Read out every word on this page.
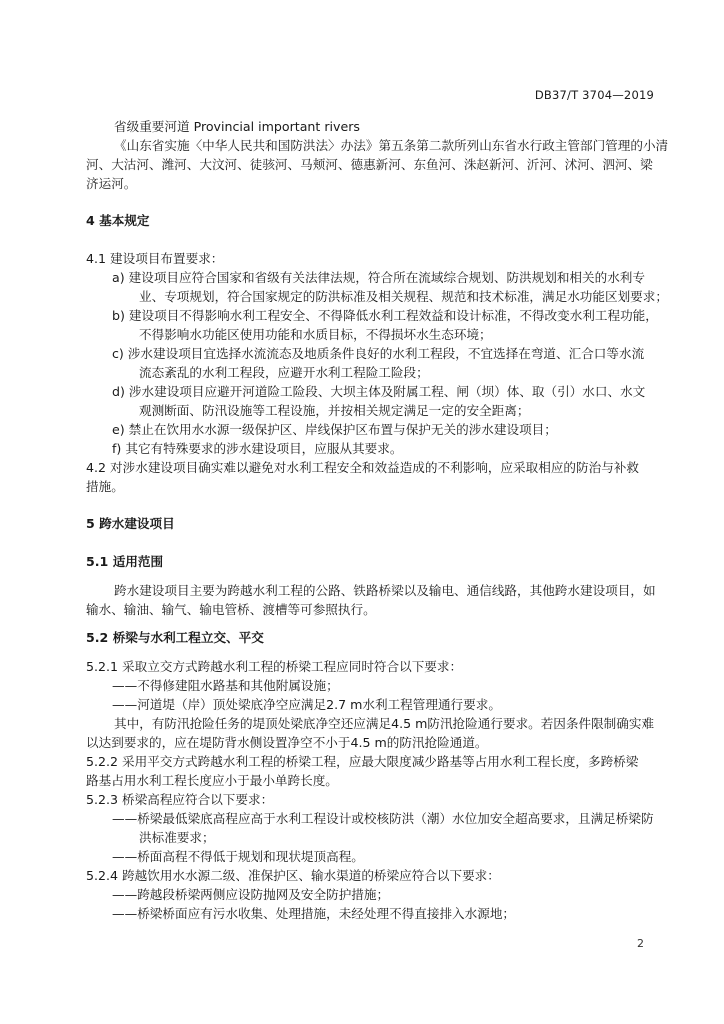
DB37/T 3704—2019
省级重要河道 Provincial important rivers
《山东省实施〈中华人民共和国防洪法〉办法》第五条第二款所列山东省水行政主管部门管理的小清
河、大沽河、潍河、大汶河、徒骇河、马颊河、德惠新河、东鱼河、洙赵新河、沂河、沭河、泗河、梁
济运河。
4 基本规定
4.1 建设项目布置要求：
a) 建设项目应符合国家和省级有关法律法规，符合所在流域综合规划、防洪规划和相关的水利专
业、专项规划，符合国家规定的防洪标准及相关规程、规范和技术标准，满足水功能区划要求；
b) 建设项目不得影响水利工程安全、不得降低水利工程效益和设计标准，不得改变水利工程功能，
不得影响水功能区使用功能和水质目标，不得损坏水生态环境；
c) 涉水建设项目宜选择水流流态及地质条件良好的水利工程段，不宜选择在弯道、汇合口等水流
流态紊乱的水利工程段，应避开水利工程险工险段；
d) 涉水建设项目应避开河道险工险段、大坝主体及附属工程、闸（坝）体、取（引）水口、水文
观测断面、防汛设施等工程设施，并按相关规定满足一定的安全距离；
e) 禁止在饮用水水源一级保护区、岸线保护区布置与保护无关的涉水建设项目；
f) 其它有特殊要求的涉水建设项目，应服从其要求。
4.2 对涉水建设项目确实难以避免对水利工程安全和效益造成的不利影响，应采取相应的防治与补救
措施。
5 跨水建设项目
5.1 适用范围
跨水建设项目主要为跨越水利工程的公路、铁路桥梁以及输电、通信线路，其他跨水建设项目，如
输水、输油、输气、输电管桥、渡槽等可参照执行。
5.2 桥梁与水利工程立交、平交
5.2.1 采取立交方式跨越水利工程的桥梁工程应同时符合以下要求：
——不得修建阻水路基和其他附属设施；
——河道堤（岸）顶处梁底净空应满足2.7 m水利工程管理通行要求。
其中，有防汛抢险任务的堤顶处梁底净空还应满足4.5 m防汛抢险通行要求。若因条件限制确实难
以达到要求的，应在堤防背水侧设置净空不小于4.5 m的防汛抢险通道。
5.2.2 采用平交方式跨越水利工程的桥梁工程，应最大限度减少路基等占用水利工程长度，多跨桥梁
路基占用水利工程长度应小于最小单跨长度。
5.2.3 桥梁高程应符合以下要求：
——桥梁最低梁底高程应高于水利工程设计或校核防洪（潮）水位加安全超高要求，且满足桥梁防
洪标准要求；
——桥面高程不得低于规划和现状堤顶高程。
5.2.4 跨越饮用水水源二级、准保护区、输水渠道的桥梁应符合以下要求：
——跨越段桥梁两侧应设防抛网及安全防护措施；
——桥梁桥面应有污水收集、处理措施，未经处理不得直接排入水源地；
2
